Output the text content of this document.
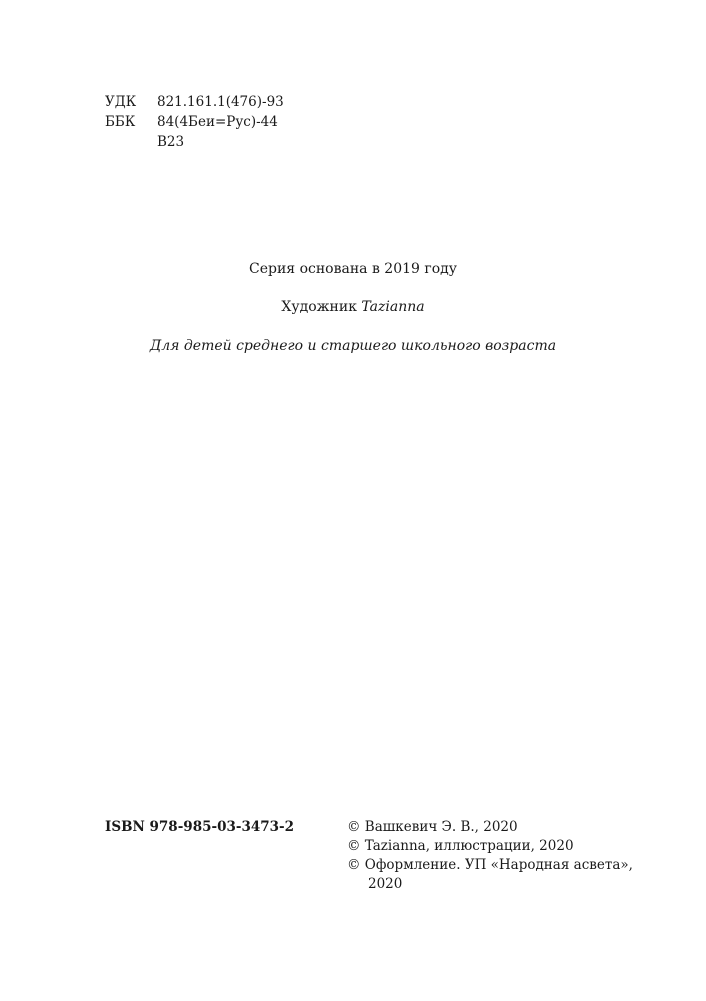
УДК	821.161.1(476)-93
ББК	84(4Беи=Рус)-44
В23
Серия основана в 2019 году
Художник Tazianna
Для детей среднего и старшего школьного возраста
ISBN 978-985-03-3473-2	© Вашкевич Э. В., 2020
© Tazianna, иллюстрации, 2020
© Оформление. УП «Народная асвета»,
2020
